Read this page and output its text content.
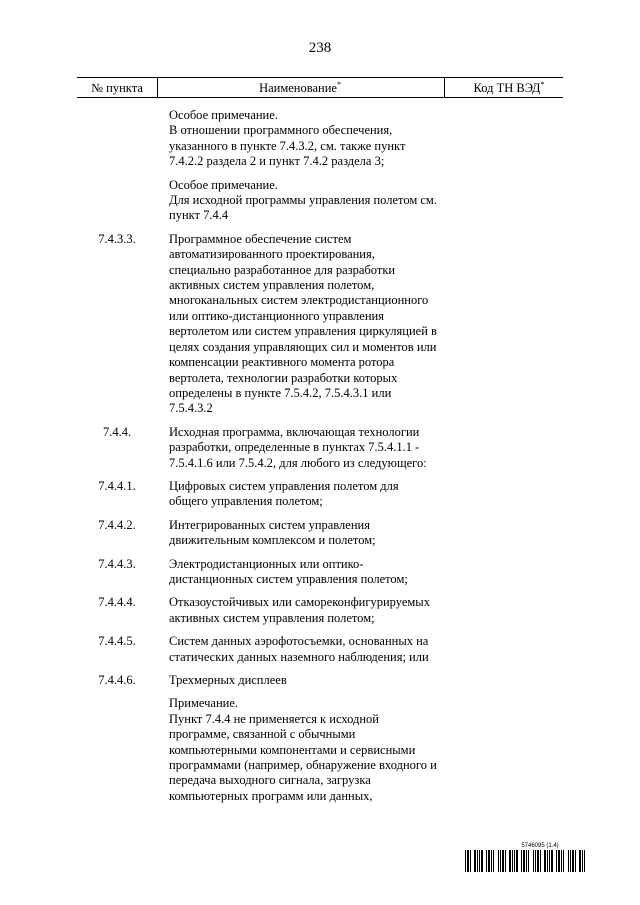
238
№ пункта	Наименование*	Код ТН ВЭД*
Особое примечание.
В отношении программного обеспечения, указанного в пункте 7.4.3.2, см. также пункт 7.4.2.2 раздела 2 и пункт 7.4.2 раздела 3;
Особое примечание.
Для исходной программы управления полетом см. пункт 7.4.4
7.4.3.3.	Программное обеспечение систем автоматизированного проектирования, специально разработанное для разработки активных систем управления полетом, многоканальных систем электродистанционного или оптико-дистанционного управления вертолетом или систем управления циркуляцией в целях создания управляющих сил и моментов или компенсации реактивного момента ротора вертолета, технологии разработки которых определены в пункте 7.5.4.2, 7.5.4.3.1 или 7.5.4.3.2
7.4.4.	Исходная программа, включающая технологии разработки, определенные в пунктах 7.5.4.1.1 - 7.5.4.1.6 или 7.5.4.2, для любого из следующего:
7.4.4.1.	Цифровых систем управления полетом для общего управления полетом;
7.4.4.2.	Интегрированных систем управления движительным комплексом и полетом;
7.4.4.3.	Электродистанционных или оптико-дистанционных систем управления полетом;
7.4.4.4.	Отказоустойчивых или самореконфигурируемых активных систем управления полетом;
7.4.4.5.	Систем данных аэрофотосъемки, основанных на статических данных наземного наблюдения; или
7.4.4.6.	Трехмерных дисплеев
Примечание.
Пункт 7.4.4 не применяется к исходной программе, связанной с обычными компьютерными компонентами и сервисными программами (например, обнаружение входного и передача выходного сигнала, загрузка компьютерных программ или данных,
5746095 (1.4)
